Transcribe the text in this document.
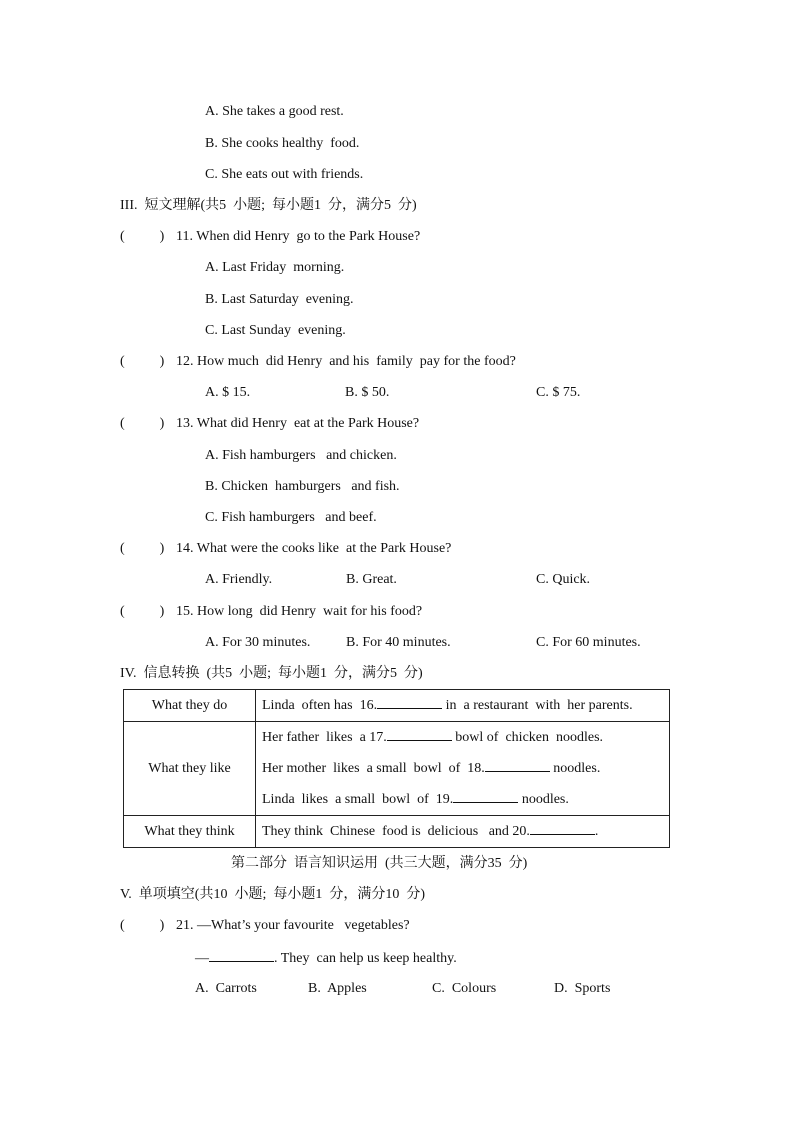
A. She takes a good rest.
B. She cooks healthy  food.
C. She eats out with friends.
III.  短文理解(共5  小题;  每小题1  分，满分5  分)
(          ) 11. When did Henry  go to the Park House?
A. Last Friday  morning.
B. Last Saturday  evening.
C. Last Sunday  evening.
(          ) 12. How much  did Henry  and his  family  pay for the food?
A. $ 15.	B. $ 50.	C. $ 75.
(          ) 13. What did Henry  eat at the Park House?
A. Fish hamburgers   and chicken.
B. Chicken  hamburgers   and fish.
C. Fish hamburgers   and beef.
(          ) 14. What were the cooks like  at the Park House?
A. Friendly.	B. Great.	C. Quick.
(          ) 15. How long  did Henry  wait for his food?
A. For 30 minutes.	B. For 40 minutes.	C. For 60 minutes.
IV.  信息转换  (共5  小题;  每小题1  分，满分5  分)
What they do	Linda  often has  16. in  a restaurant  with  her parents.

What they like	Her father  likes  a 17. bowl of  chicken  noodles.
Her mother  likes  a small  bowl  of  18. noodles.
Linda  likes  a small  bowl  of  19. noodles.

What they think	They think  Chinese  food is  delicious   and 20. .
第二部分  语言知识运用  (共三大题，满分35  分)
V.  单项填空(共10  小题;  每小题1  分，满分10  分)
(          ) 21. —What’s your favourite   vegetables?
—	. They  can help us keep healthy.
A.  Carrots	B.  Apples	C.  Colours	D.  Sports
